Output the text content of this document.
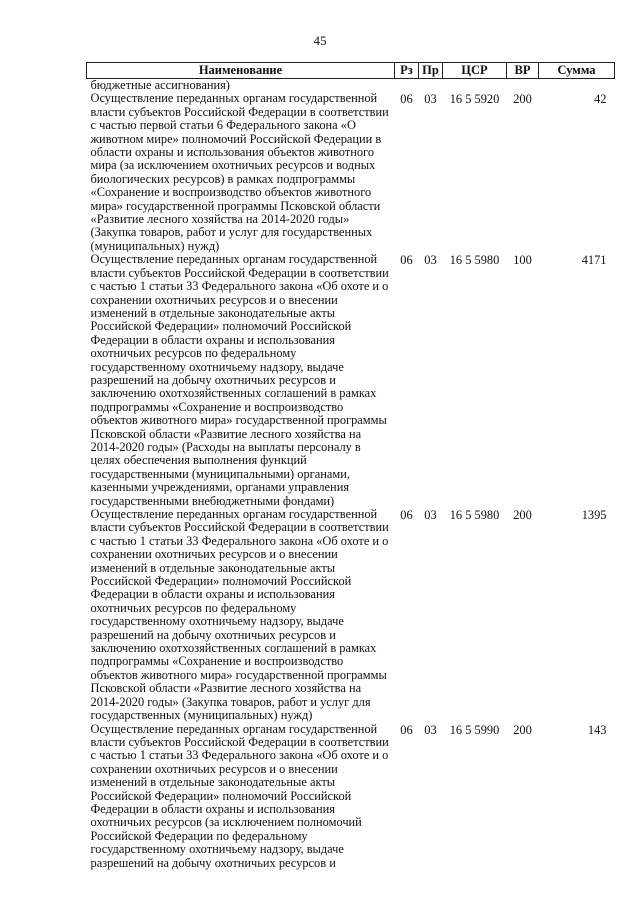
45
Наименование	Рз	Пр	ЦСР	ВР	Сумма
бюджетные ассигнования)					
Осуществление переданных органам государственной власти субъектов Российской Федерации в соответствии с частью первой статьи 6 Федерального закона «О животном мире» полномочий Российской Федерации в области охраны и использования объектов животного мира (за исключением охотничьих ресурсов и водных биологических ресурсов) в рамках подпрограммы «Сохранение и воспроизводство объектов животного мира» государственной программы Псковской области «Развитие лесного хозяйства на 2014-2020 годы» (Закупка товаров, работ и услуг для государственных (муниципальных) нужд)	06	03	16 5 5920	200	42
Осуществление переданных органам государственной власти субъектов Российской Федерации в соответствии с частью 1 статьи 33 Федерального закона «Об охоте и о сохранении охотничьих ресурсов и о внесении изменений в отдельные законодательные акты Российской Федерации» полномочий Российской Федерации в области охраны и использования охотничьих ресурсов по федеральному государственному охотничьему надзору, выдаче разрешений на добычу охотничьих ресурсов и заключению охотхозяйственных соглашений в рамках подпрограммы «Сохранение и воспроизводство объектов животного мира» государственной программы Псковской области «Развитие лесного хозяйства на 2014-2020 годы» (Расходы на выплаты персоналу в целях обеспечения выполнения функций государственными (муниципальными) органами, казенными учреждениями, органами управления государственными внебюджетными фондами)	06	03	16 5 5980	100	4171
Осуществление переданных органам государственной власти субъектов Российской Федерации в соответствии с частью 1 статьи 33 Федерального закона «Об охоте и о сохранении охотничьих ресурсов и о внесении изменений в отдельные законодательные акты Российской Федерации» полномочий Российской Федерации в области охраны и использования охотничьих ресурсов по федеральному государственному охотничьему надзору, выдаче разрешений на добычу охотничьих ресурсов и заключению охотхозяйственных соглашений в рамках подпрограммы «Сохранение и воспроизводство объектов животного мира» государственной программы Псковской области «Развитие лесного хозяйства на 2014-2020 годы» (Закупка товаров, работ и услуг для государственных (муниципальных) нужд)	06	03	16 5 5980	200	1395
Осуществление переданных органам государственной власти субъектов Российской Федерации в соответствии с частью 1 статьи 33 Федерального закона «Об охоте и о сохранении охотничьих ресурсов и о внесении изменений в отдельные законодательные акты Российской Федерации» полномочий Российской Федерации в области охраны и использования охотничьих ресурсов (за исключением полномочий Российской Федерации по федеральному государственному охотничьему надзору, выдаче разрешений на добычу охотничьих ресурсов и	06	03	16 5 5990	200	143
